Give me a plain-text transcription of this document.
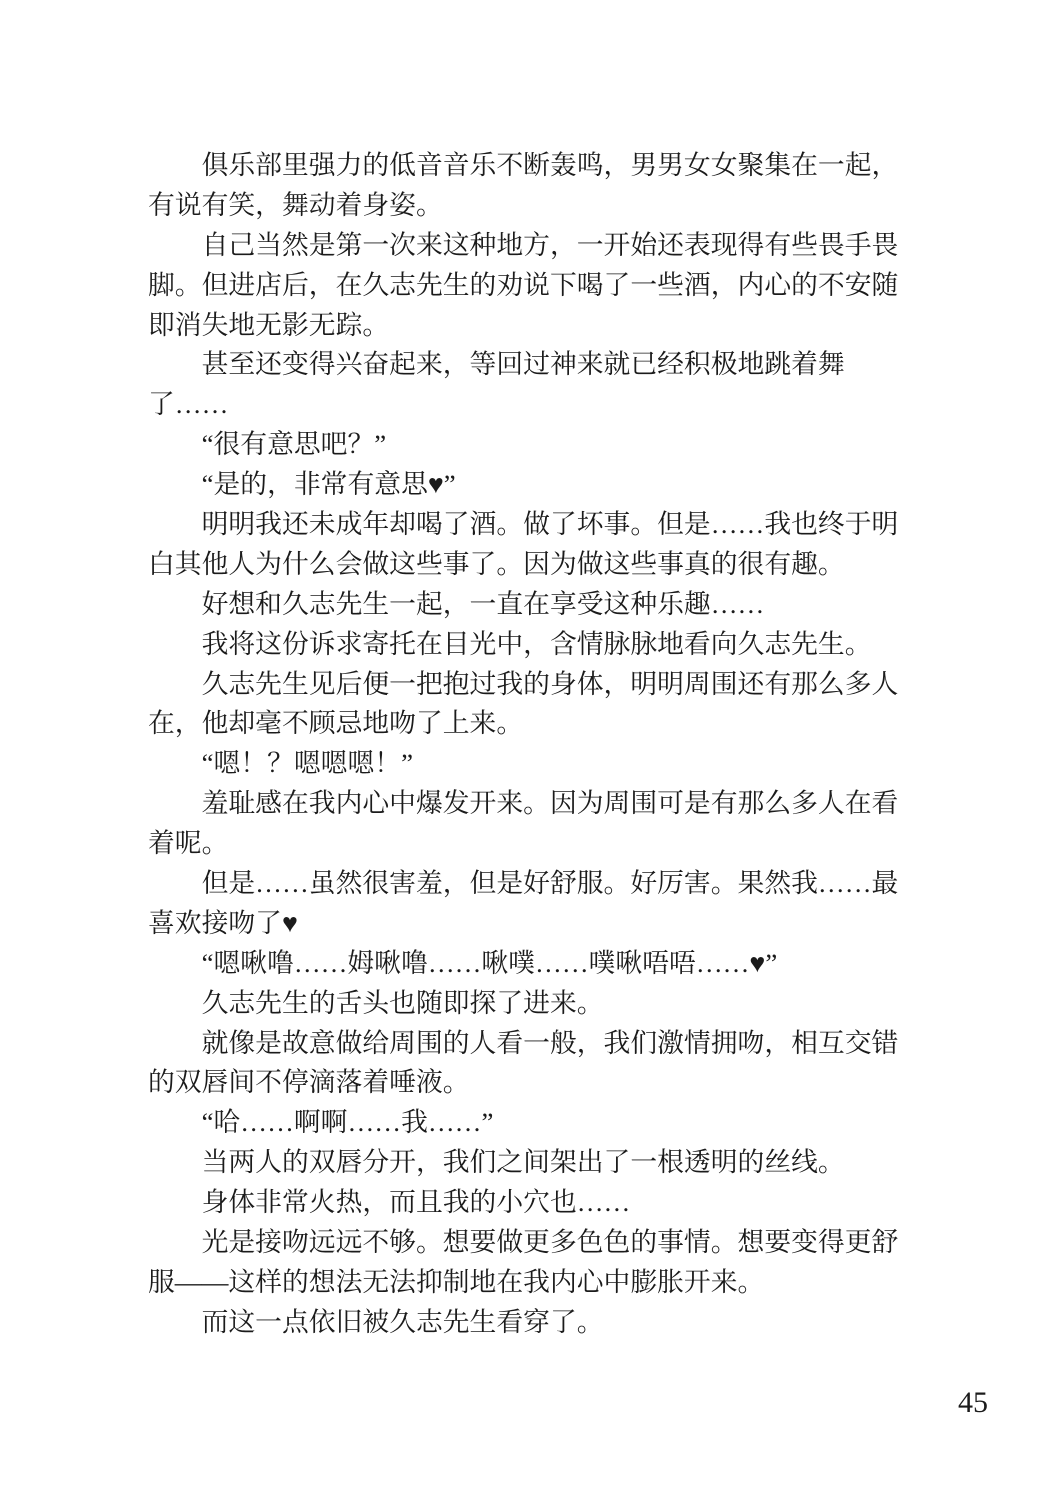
　　俱乐部里强力的低音音乐不断轰鸣，男男女女聚集在一起，
有说有笑，舞动着身姿。
　　自己当然是第一次来这种地方，一开始还表现得有些畏手畏
脚。但进店后，在久志先生的劝说下喝了一些酒，内心的不安随
即消失地无影无踪。
　　甚至还变得兴奋起来，等回过神来就已经积极地跳着舞
了……
　　“很有意思吧？”
　　“是的，非常有意思♥”
　　明明我还未成年却喝了酒。做了坏事。但是……我也终于明
白其他人为什么会做这些事了。因为做这些事真的很有趣。
　　好想和久志先生一起，一直在享受这种乐趣……
　　我将这份诉求寄托在目光中，含情脉脉地看向久志先生。
　　久志先生见后便一把抱过我的身体，明明周围还有那么多人
在，他却毫不顾忌地吻了上来。
　　“嗯！？嗯嗯嗯！”
　　羞耻感在我内心中爆发开来。因为周围可是有那么多人在看
着呢。
　　但是……虽然很害羞，但是好舒服。好厉害。果然我……最
喜欢接吻了♥
　　“嗯啾噜……姆啾噜……啾噗……噗啾唔唔……♥”
　　久志先生的舌头也随即探了进来。
　　就像是故意做给周围的人看一般，我们激情拥吻，相互交错
的双唇间不停滴落着唾液。
　　“哈……啊啊……我……”
　　当两人的双唇分开，我们之间架出了一根透明的丝线。
　　身体非常火热，而且我的小穴也……
　　光是接吻远远不够。想要做更多色色的事情。想要变得更舒
服——这样的想法无法抑制地在我内心中膨胀开来。
　　而这一点依旧被久志先生看穿了。
45
